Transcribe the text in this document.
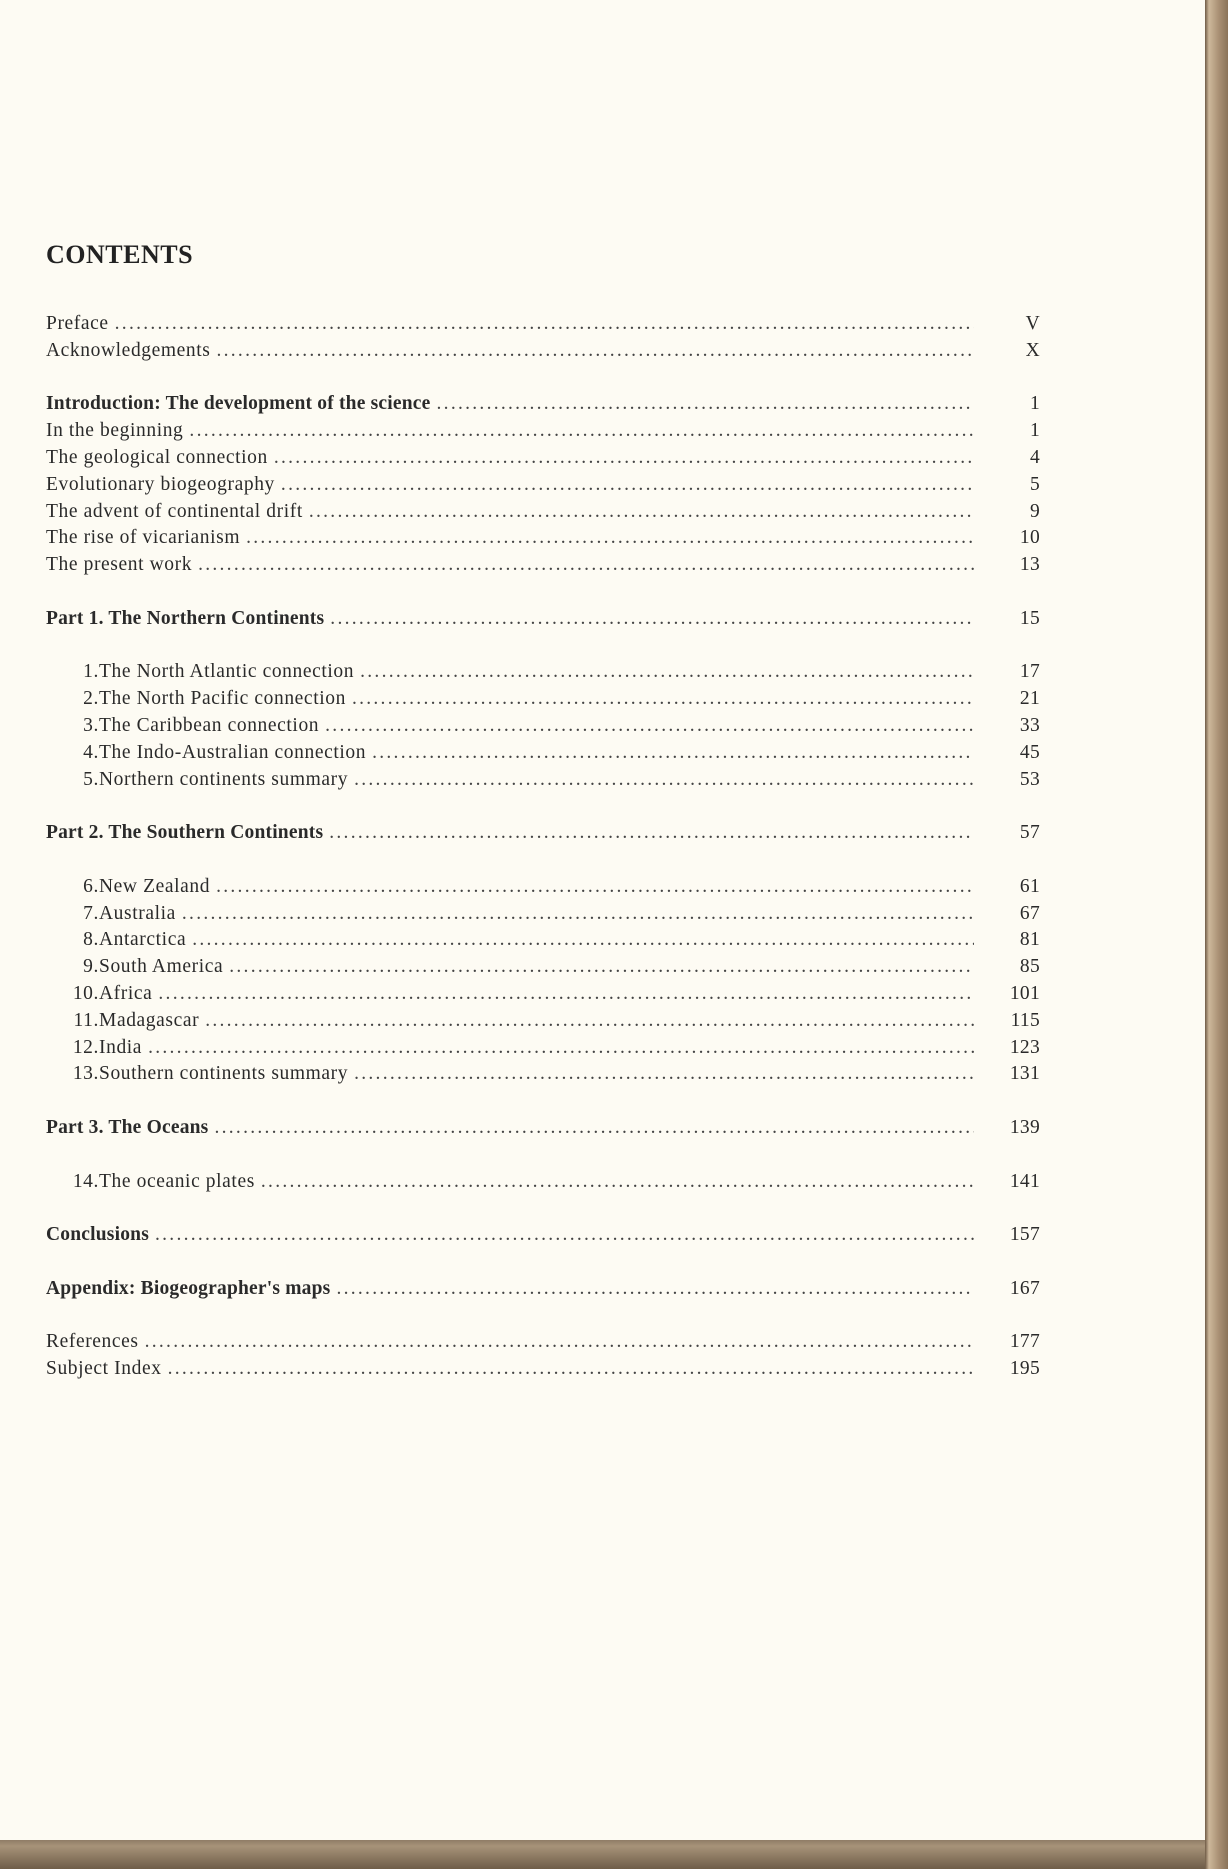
CONTENTS
Preface . . .	V
Acknowledgements . . .	X
Introduction: The development of the science . . .	1
In the beginning . . .	1
The geological connection . . .	4
Evolutionary biogeography . . .	5
The advent of continental drift . . .	9
The rise of vicarianism . . .	10
The present work . . .	13
Part 1. The Northern Continents . . .	15
1. The North Atlantic connection . . .	17
2. The North Pacific connection . . .	21
3. The Caribbean connection . . .	33
4. The Indo-Australian connection . . .	45
5. Northern continents summary . . .	53
Part 2. The Southern Continents . . .	57
6. New Zealand . . .	61
7. Australia . . .	67
8. Antarctica . . .	81
9. South America . . .	85
10. Africa . . .	101
11. Madagascar . . .	115
12. India . . .	123
13. Southern continents summary . . .	131
Part 3. The Oceans . . .	139
14. The oceanic plates . . .	141
Conclusions . . .	157
Appendix: Biogeographer's maps . . .	167
References . . .	177
Subject Index . . .	195
